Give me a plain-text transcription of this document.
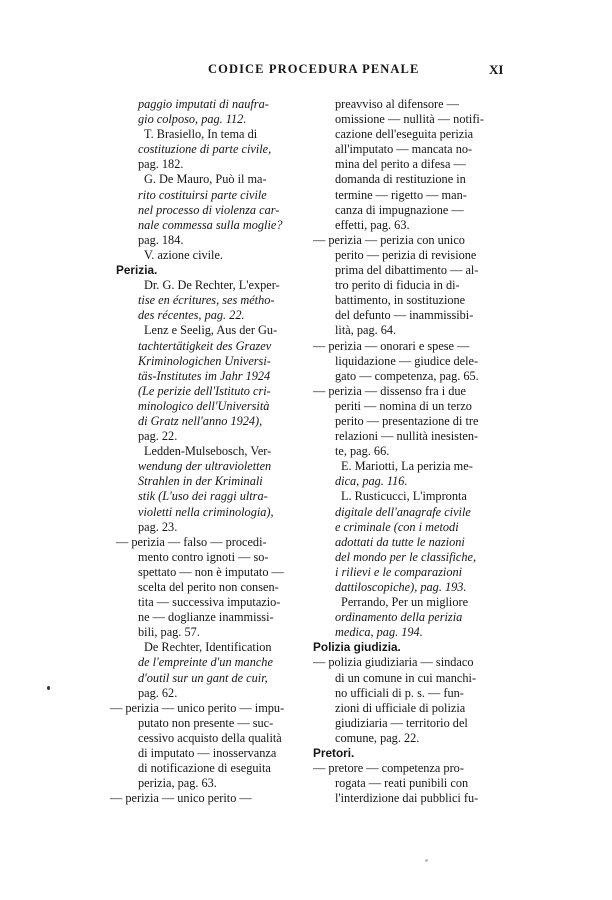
CODICE PROCEDURA PENALE	XI
paggio imputati di naufra-
gio colposo, pag. 112.
T. Brasiello, In tema di
costituzione di parte civile,
pag. 182.
G. De Mauro, Può il ma-
rito costituirsi parte civile
nel processo di violenza car-
nale commessa sulla moglie?
pag. 184.
V. azione civile.
Perizia.
Dr. G. De Rechter, L'exper-
tise en écritures, ses métho-
des récentes, pag. 22.
Lenz e Seelig, Aus der Gu-
tachtertätigkeit des Grazev
Kriminologichen Universi-
täs-Institutes im Jahr 1924
(Le perizie dell'Istituto cri-
minologico dell'Università
di Gratz nell'anno 1924),
pag. 22.
Ledden-Mulsebosch, Ver-
wendung der ultravioletten
Strahlen in der Kriminali
stik (L'uso dei raggi ultra-
violetti nella criminologia),
pag. 23.
— perizia — falso — procedi-
mento contro ignoti — so-
spettato — non è imputato —
scelta del perito non consen-
tita — successiva imputazio-
ne — doglianze inammissi-
bili, pag. 57.
De Rechter, Identification
de l'empreinte d'un manche
d'outil sur un gant de cuir,
pag. 62.
— perizia — unico perito — impu-
putato non presente — suc-
cessivo acquisto della qualità
di imputato — inosservanza
di notificazione di eseguita
perizia, pag. 63.
— perizia — unico perito —
preavviso al difensore —
omissione — nullità — notifi-
cazione dell'eseguita perizia
all'imputato — mancata no-
mina del perito a difesa —
domanda di restituzione in
termine — rigetto — man-
canza di impugnazione —
effetti, pag. 63.
— perizia — perizia con unico
perito — perizia di revisione
prima del dibattimento — al-
tro perito di fiducia in di-
battimento, in sostituzione
del defunto — inammissibi-
lità, pag. 64.
— perizia — onorari e spese —
liquidazione — giudice dele-
gato — competenza, pag. 65.
— perizia — dissenso fra i due
periti — nomina di un terzo
perito — presentazione di tre
relazioni — nullità inesisten-
te, pag. 66.
E. Mariotti, La perizia me-
dica, pag. 116.
L. Rusticucci, L'impronta
digitale dell'anagrafe civile
e criminale (con i metodi
adottati da tutte le nazioni
del mondo per le classifiche,
i rilievi e le comparazioni
dattiloscopiche), pag. 193.
Perrando, Per un migliore
ordinamento della perizia
medica, pag. 194.
Polizia giudizia.
— polizia giudiziaria — sindaco
di un comune in cui manchi-
no ufficiali di p. s. — fun-
zioni di ufficiale di polizia
giudiziaria — territorio del
comune, pag. 22.
Pretori.
— pretore — competenza pro-
rogata — reati punibili con
l'interdizione dai pubblici fu-
